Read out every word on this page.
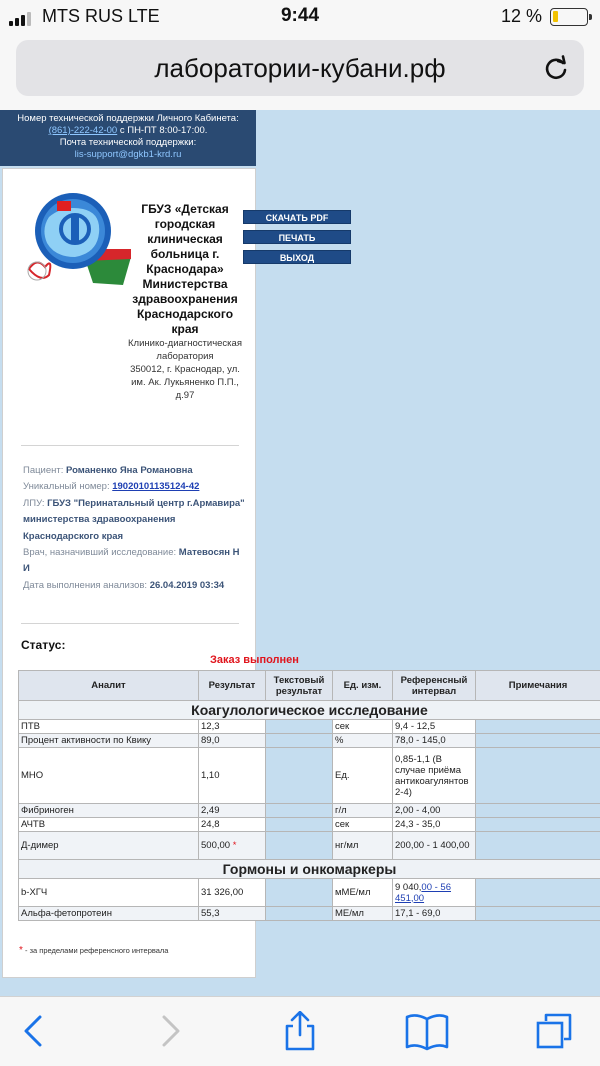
MTS RUS LTE	9:44	12 %
лаборатории-кубани.рф
Номер технической поддержки Личного Кабинета:
(861)-222-42-00 с ПН-ПТ 8:00-17:00.
Почта технической поддержки:
lis-support@dgkb1-krd.ru
ГБУЗ «Детская городская клиническая больница г. Краснодара» Министерства здравоохранения Краснодарского края
Клинико-диагностическая лаборатория
350012, г. Краснодар, ул. им. Ак. Лукьяненко П.П., д.97
Пациент: Романенко Яна Романовна
Уникальный номер: 19020101135124-42
ЛПУ: ГБУЗ "Перинатальный центр г.Армавира" министерства здравоохранения Краснодарского края
Врач, назначивший исследование: Матевосян Н И
Дата выполнения анализов: 26.04.2019 03:34
* - за пределами референсного интервала
СКАЧАТЬ PDF
ПЕЧАТЬ
ВЫХОД
Статус:
Заказ выполнен
Аналит	Результат	Текстовый результат	Ед. изм.	Референсный интервал	Примечания
Коагулологическое исследование					
ПТВ	12,3		сек	9,4 - 12,5	
Процент активности по Квику	89,0		%	78,0 - 145,0	
МНО	1,10		Ед.	0,85-1,1 (В случае приёма антикоагулянтов 2-4)	
Фибриноген	2,49		г/л	2,00 - 4,00	
АЧТВ	24,8		сек	24,3 - 35,0	
Д-димер	500,00 *		нг/мл	200,00 - 1 400,00	
Гормоны и онкомаркеры					
b-ХГЧ	31 326,00		мМЕ/мл	9 040,00 - 56 451,00	
Альфа-фетопротеин	55,3		МЕ/мл	17,1 - 69,0	
